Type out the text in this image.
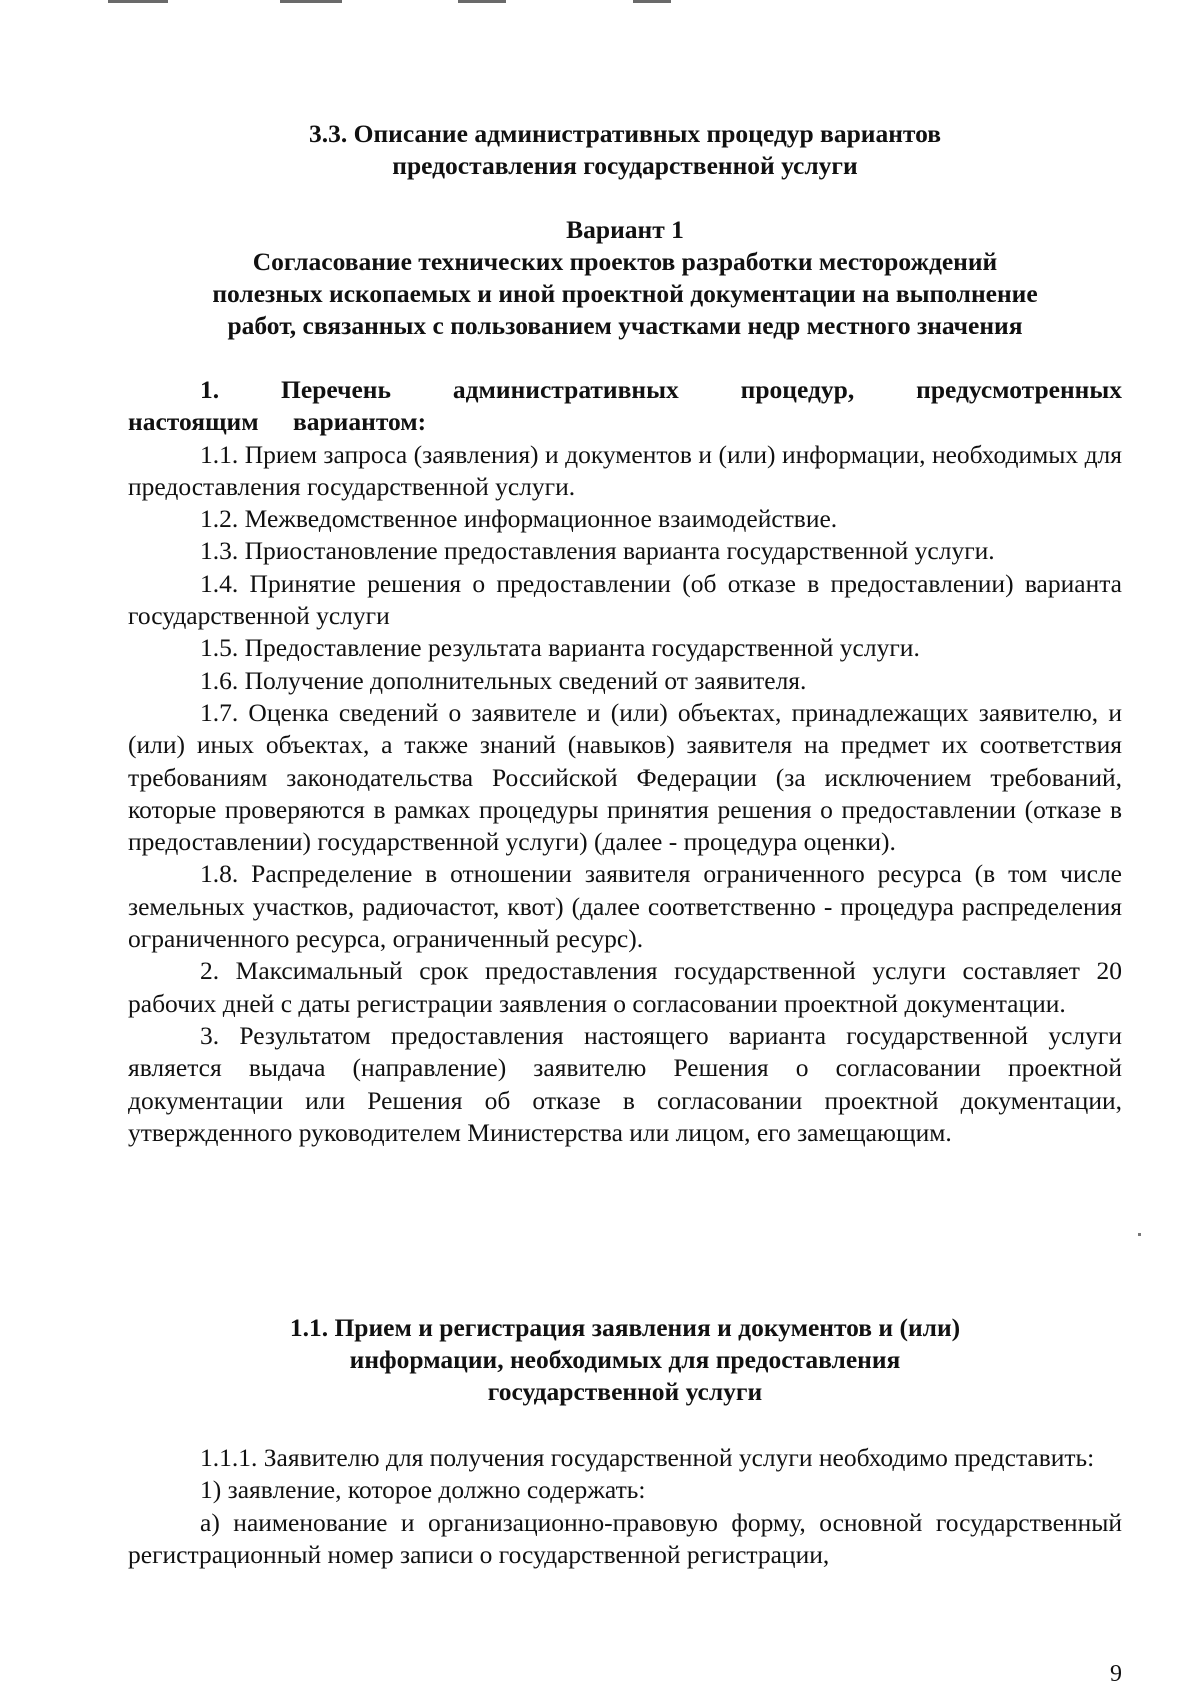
3.3. Описание административных процедур вариантов
предоставления государственной услуги
Вариант 1
Согласование технических проектов разработки месторождений
полезных ископаемых и иной проектной документации на выполнение
работ, связанных с пользованием участками недр местного значения

1. Перечень административных процедур, предусмотренных настоящим вариантом:

1.1. Прием запроса (заявления) и документов и (или) информации, необходимых для предоставления государственной услуги.

1.2. Межведомственное информационное взаимодействие.

1.3. Приостановление предоставления варианта государственной услуги.

1.4. Принятие решения о предоставлении (об отказе в предоставлении) варианта государственной услуги

1.5. Предоставление результата варианта государственной услуги.

1.6. Получение дополнительных сведений от заявителя.

1.7. Оценка сведений о заявителе и (или) объектах, принадлежащих заявителю, и (или) иных объектах, а также знаний (навыков) заявителя на предмет их соответствия требованиям законодательства Российской Федерации (за исключением требований, которые проверяются в рамках процедуры принятия решения о предоставлении (отказе в предоставлении) государственной услуги) (далее - процедура оценки).

1.8. Распределение в отношении заявителя ограниченного ресурса (в том числе земельных участков, радиочастот, квот) (далее соответственно - процедура распределения ограниченного ресурса, ограниченный ресурс).

2. Максимальный срок предоставления государственной услуги составляет 20 рабочих дней с даты регистрации заявления о согласовании проектной документации.

3. Результатом предоставления настоящего варианта государственной услуги является выдача (направление) заявителю Решения о согласовании проектной документации или Решения об отказе в согласовании проектной документации, утвержденного руководителем Министерства или лицом, его замещающим.

1.1. Прием и регистрация заявления и документов и (или)
информации, необходимых для предоставления
государственной услуги

1.1.1. Заявителю для получения государственной услуги необходимо представить:

1) заявление, которое должно содержать:

а) наименование и организационно-правовую форму, основной государственный регистрационный номер записи о государственной регистрации,

9
